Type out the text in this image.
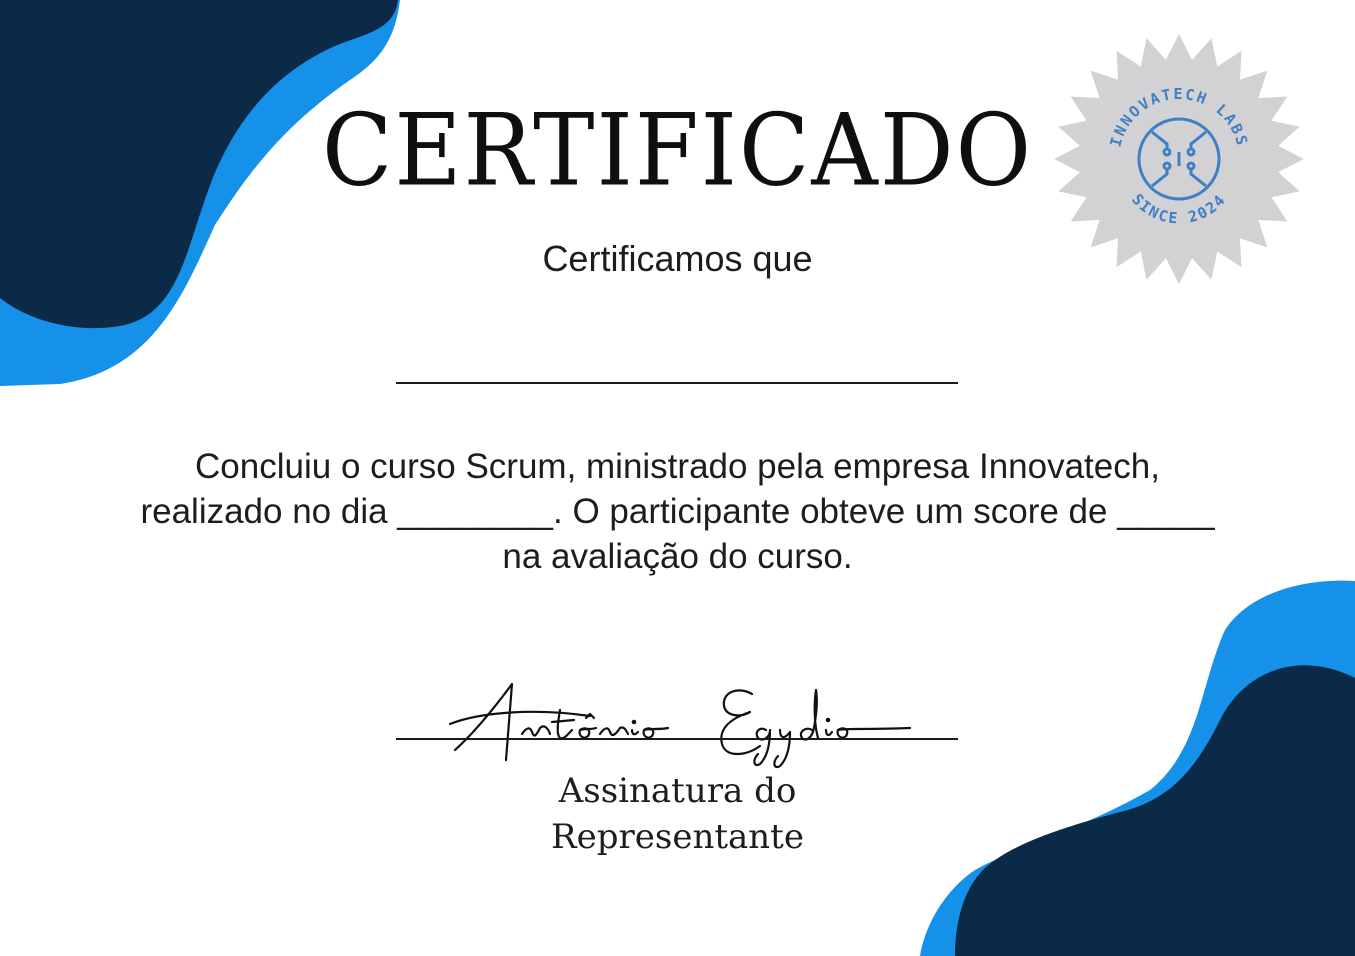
CERTIFICADO
Certificamos que
Concluiu o curso Scrum, ministrado pela empresa Innovatech,
realizado no dia ________. O participante obteve um score de _____
na avaliação do curso.
Assinatura do
Representante
INNOVATECH LABS
SINCE 2024
